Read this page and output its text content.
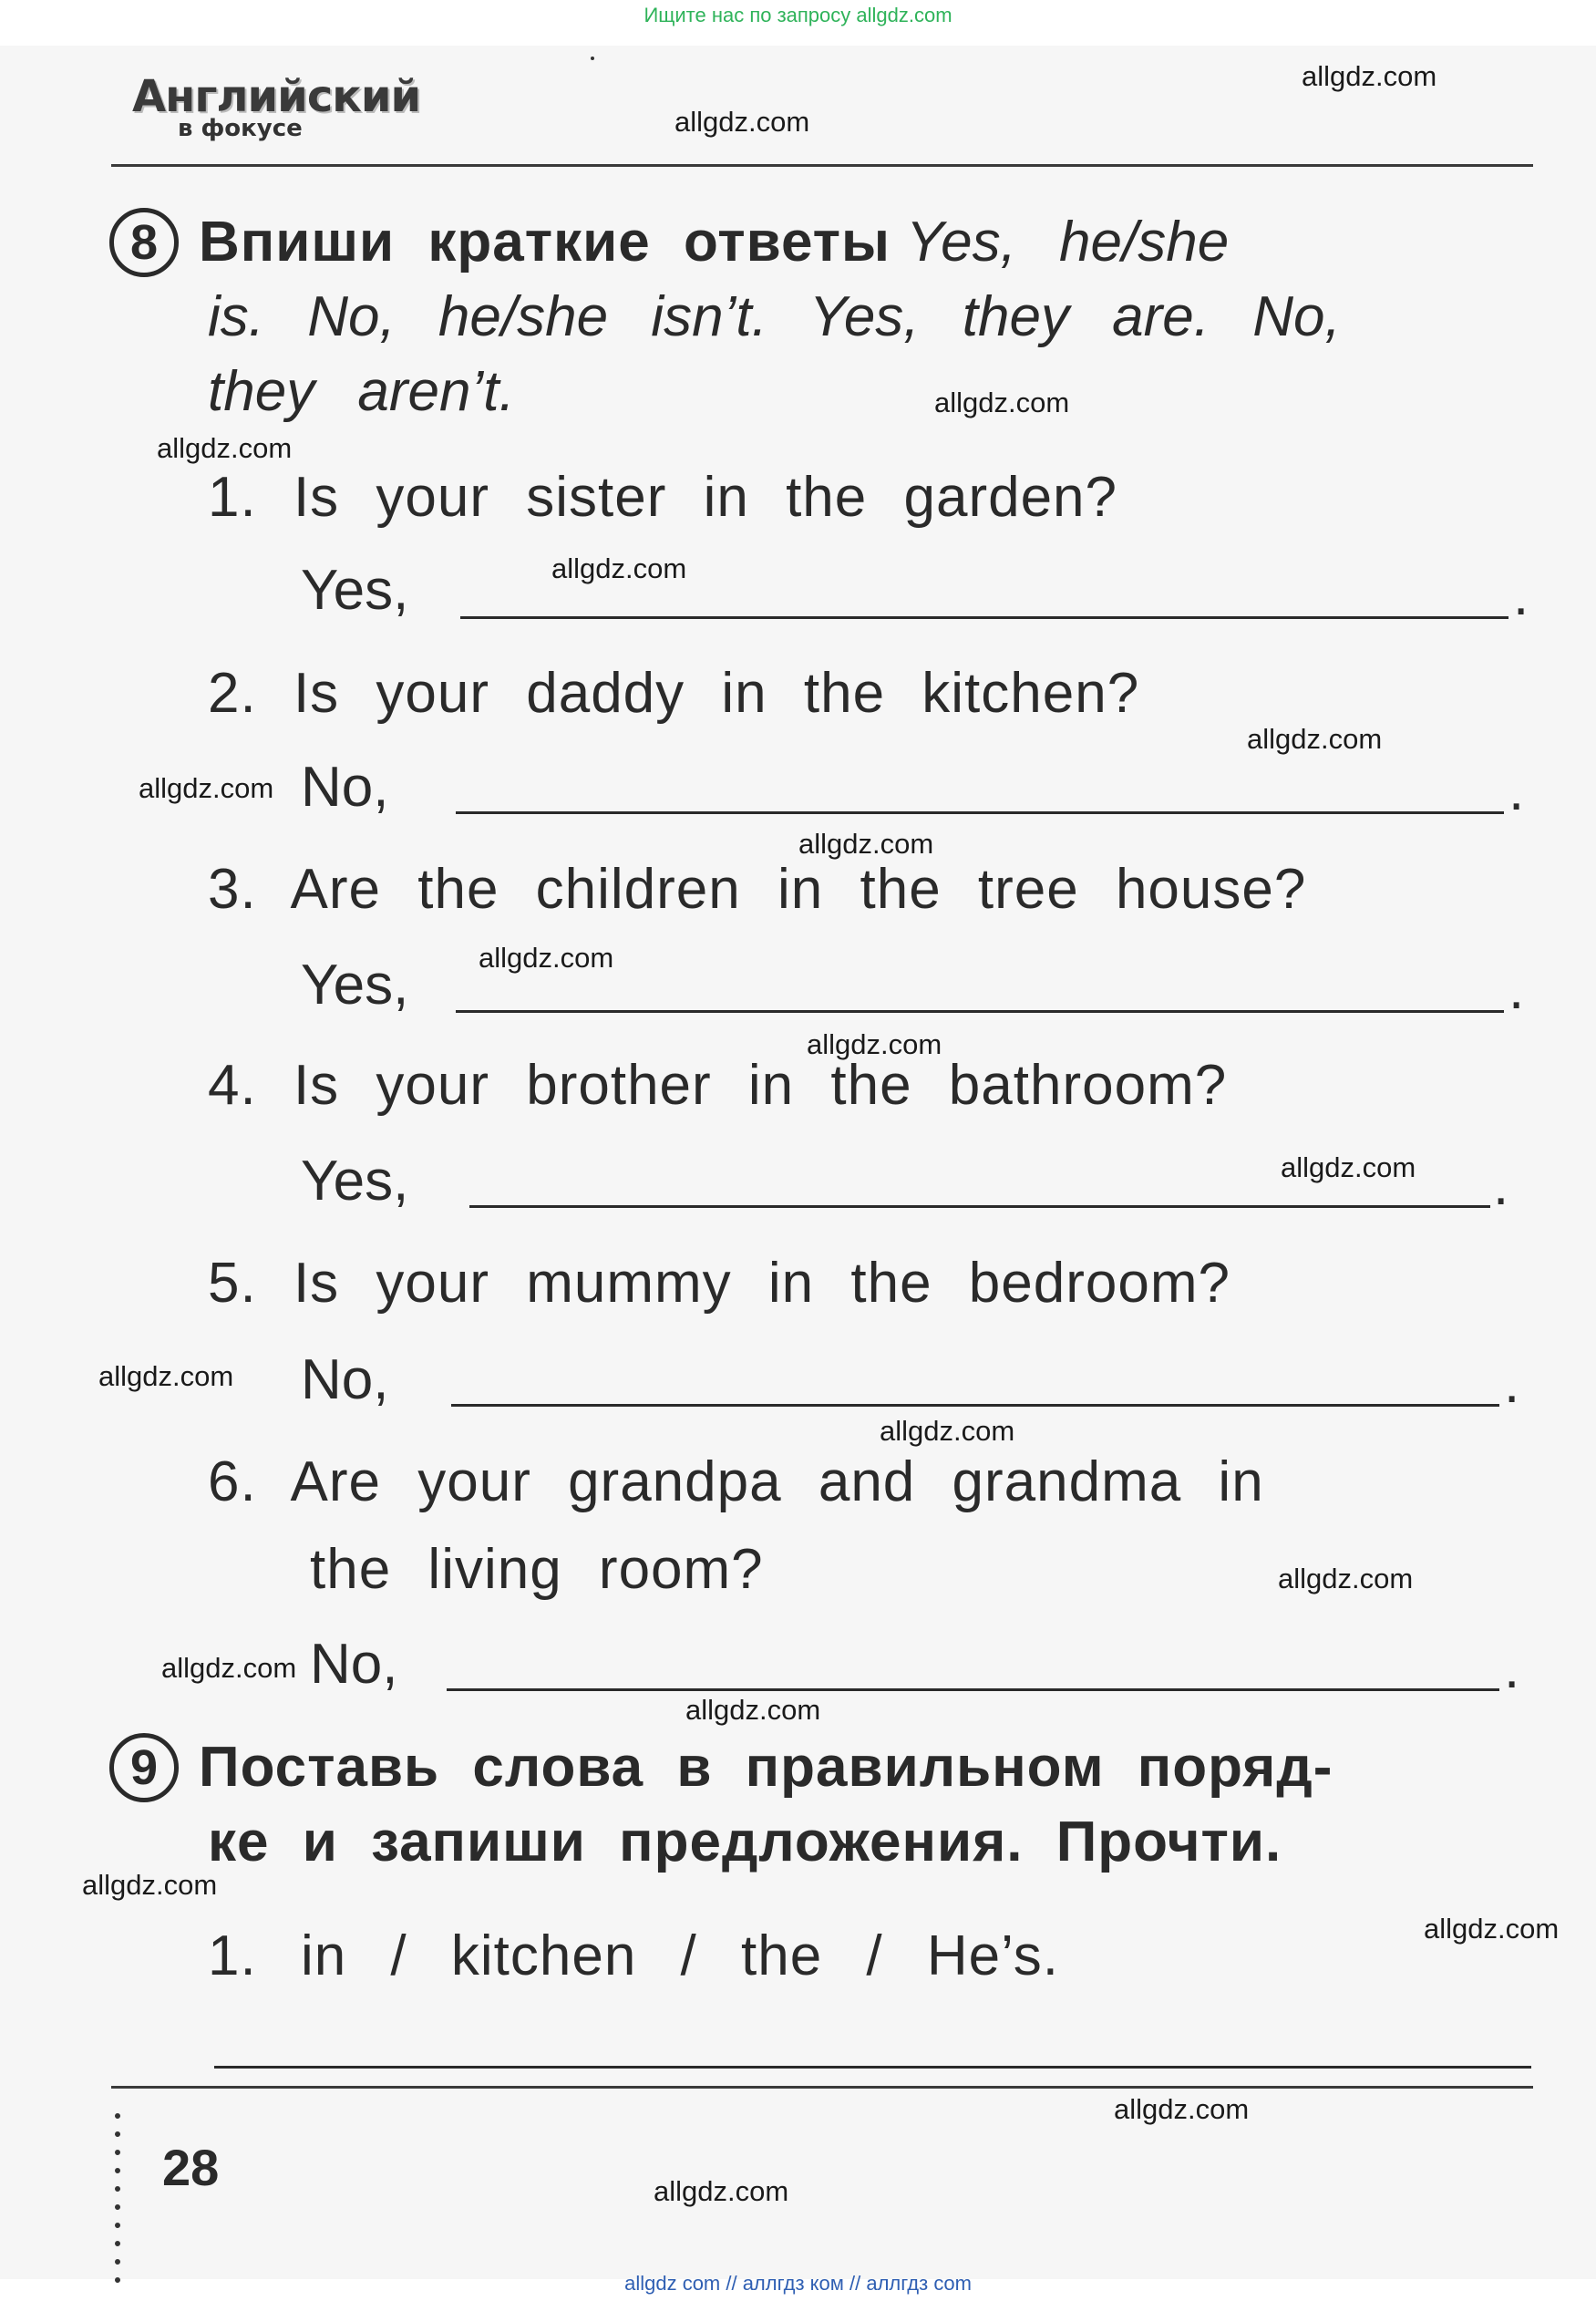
Ищите нас по запросу allgdz.com
Английский
в фокусе
8 Впиши краткие ответы Yes, he/she
is. No, he/she isn’t. Yes, they are. No,
they aren’t.
1. Is your sister in the garden?
Yes,	.
2. Is your daddy in the kitchen?
No,	.
3. Are the children in the tree house?
Yes,	.
4. Is your brother in the bathroom?
Yes,	.
5. Is your mummy in the bedroom?
No,	.
6. Are your grandpa and grandma in
the living room?
No,	.
9 Поставь слова в правильном поряд-
ке и запиши предложения. Прочти.
1. in / kitchen / the / He’s.
28
allgdz.com
allgdz.com
allgdz.com
allgdz.com
allgdz.com
allgdz.com
allgdz.com
allgdz.com
allgdz.com
allgdz.com
allgdz.com
allgdz.com
allgdz.com
allgdz.com
allgdz.com
allgdz.com
allgdz.com
allgdz.com
allgdz.com
allgdz.com
allgdz com // аллгдз ком // аллгдз com
